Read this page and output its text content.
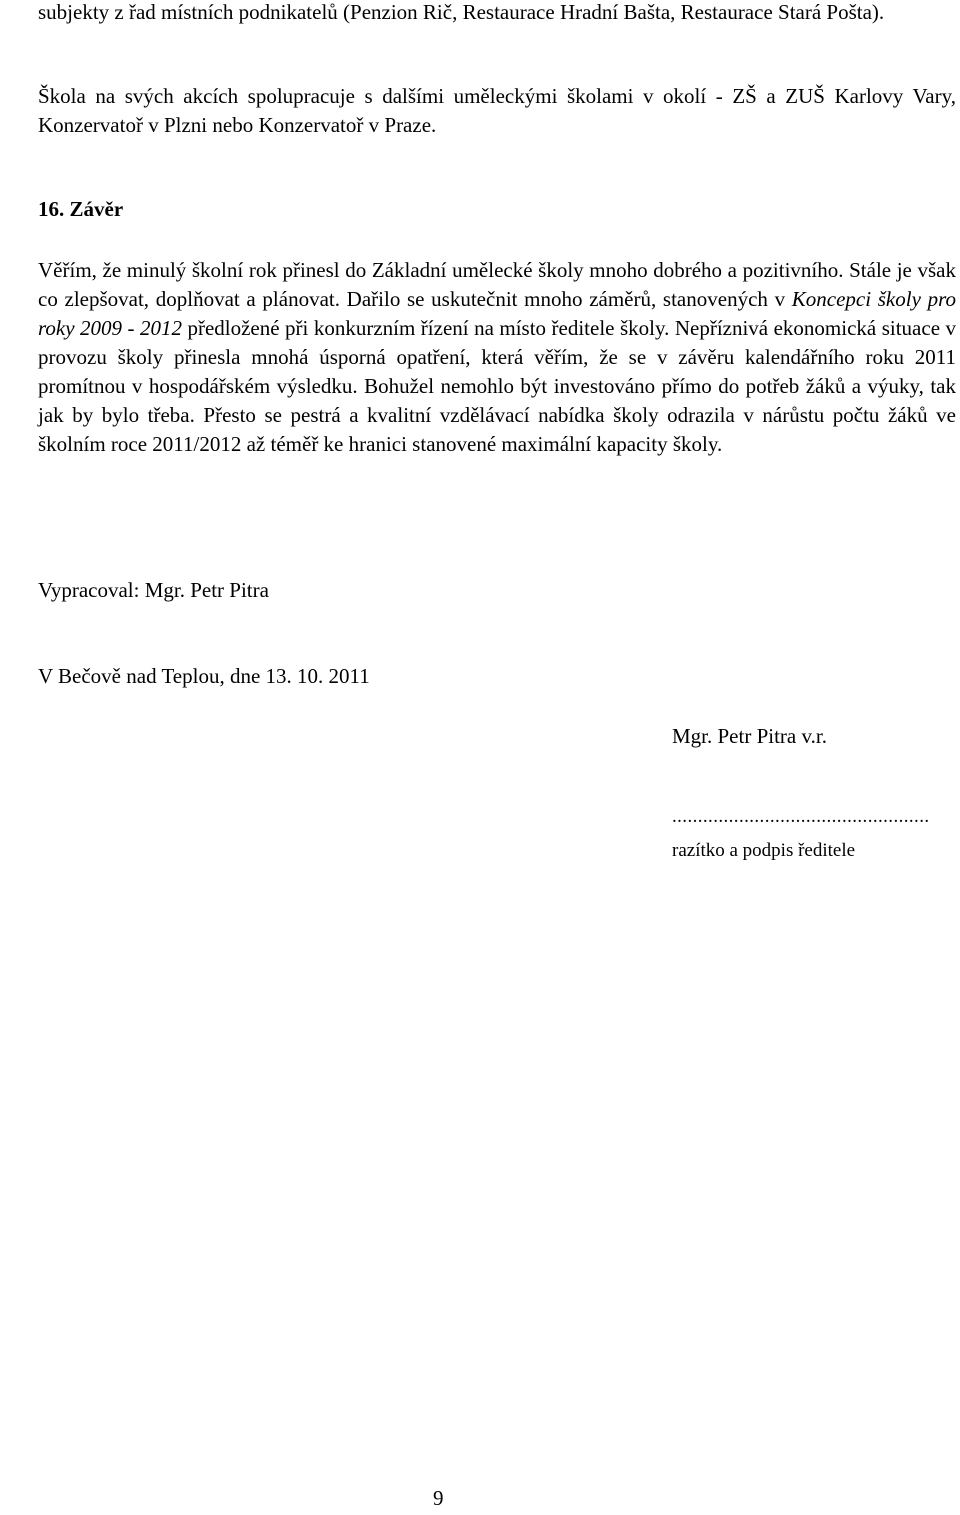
subjekty z řad místních podnikatelů (Penzion Rič, Restaurace Hradní Bašta, Restaurace Stará Pošta).

Škola na svých akcích spolupracuje s dalšími uměleckými školami v okolí - ZŠ a ZUŠ Karlovy Vary, Konzervatoř v Plzni nebo Konzervatoř v Praze.

16. Závěr

Věřím, že minulý školní rok přinesl do Základní umělecké školy mnoho dobrého a pozitivního. Stále je však co zlepšovat, doplňovat a plánovat. Dařilo se uskutečnit mnoho záměrů, stanovených v Koncepci školy pro roky 2009 - 2012 předložené při konkurzním řízení na místo ředitele školy. Nepříznivá ekonomická situace v provozu školy přinesla mnohá úsporná opatření, která věřím, že se v závěru kalendářního roku 2011 promítnou v hospodářském výsledku. Bohužel nemohlo být investováno přímo do potřeb žáků a výuky, tak jak by bylo třeba. Přesto se pestrá a kvalitní vzdělávací nabídka školy odrazila v nárůstu počtu žáků ve školním roce 2011/2012 až téměř ke hranici stanovené maximální kapacity školy.

Vypracoval: Mgr. Petr Pitra

V Bečově nad Teplou, dne 13. 10. 2011

Mgr. Petr Pitra v.r.

..................................................

razítko a podpis ředitele

9
